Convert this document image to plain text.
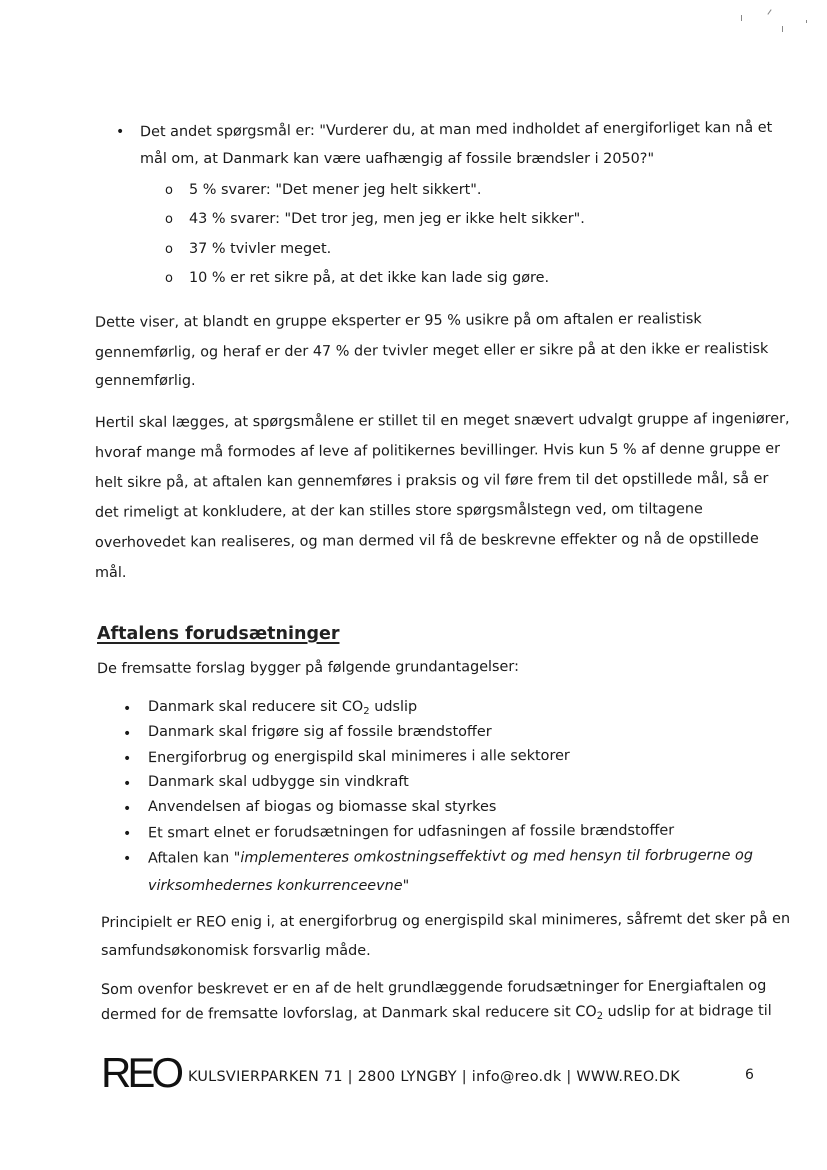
• Det andet spørgsmål er: "Vurderer du, at man med indholdet af energiforliget kan nå et
mål om, at Danmark kan være uafhængig af fossile brændsler i 2050?"
o 5 % svarer: "Det mener jeg helt sikkert".
o 43 % svarer: "Det tror jeg, men jeg er ikke helt sikker".
o 37 % tvivler meget.
o 10 % er ret sikre på, at det ikke kan lade sig gøre.
Dette viser, at blandt en gruppe eksperter er 95 % usikre på om aftalen er realistisk
gennemførlig, og heraf er der 47 % der tvivler meget eller er sikre på at den ikke er realistisk
gennemførlig.
Hertil skal lægges, at spørgsmålene er stillet til en meget snævert udvalgt gruppe af ingeniører,
hvoraf mange må formodes af leve af politikernes bevillinger. Hvis kun 5 % af denne gruppe er
helt sikre på, at aftalen kan gennemføres i praksis og vil føre frem til det opstillede mål, så er
det rimeligt at konkludere, at der kan stilles store spørgsmålstegn ved, om tiltagene
overhovedet kan realiseres, og man dermed vil få de beskrevne effekter og nå de opstillede
mål.
Aftalens forudsætninger
De fremsatte forslag bygger på følgende grundantagelser:
• Danmark skal reducere sit $CO_2$ udslip
• Danmark skal frigøre sig af fossile brændstoffer
• Energiforbrug og energispild skal minimeres i alle sektorer
• Danmark skal udbygge sin vindkraft
• Anvendelsen af biogas og biomasse skal styrkes
• Et smart elnet er forudsætningen for udfasningen af fossile brændstoffer
• Aftalen kan "implementeres omkostningseffektivt og med hensyn til forbrugerne og
virksomhedernes konkurrenceevne"
Principielt er REO enig i, at energiforbrug og energispild skal minimeres, såfremt det sker på en
samfundsøkonomisk forsvarlig måde.
Som ovenfor beskrevet er en af de helt grundlæggende forudsætninger for Energiaftalen og
dermed for de fremsatte lovforslag, at Danmark skal reducere sit $CO_2$ udslip for at bidrage til
REO KULSVIERPARKEN 71 | 2800 LYNGBY | info@reo.dk | WWW.REO.DK	6
